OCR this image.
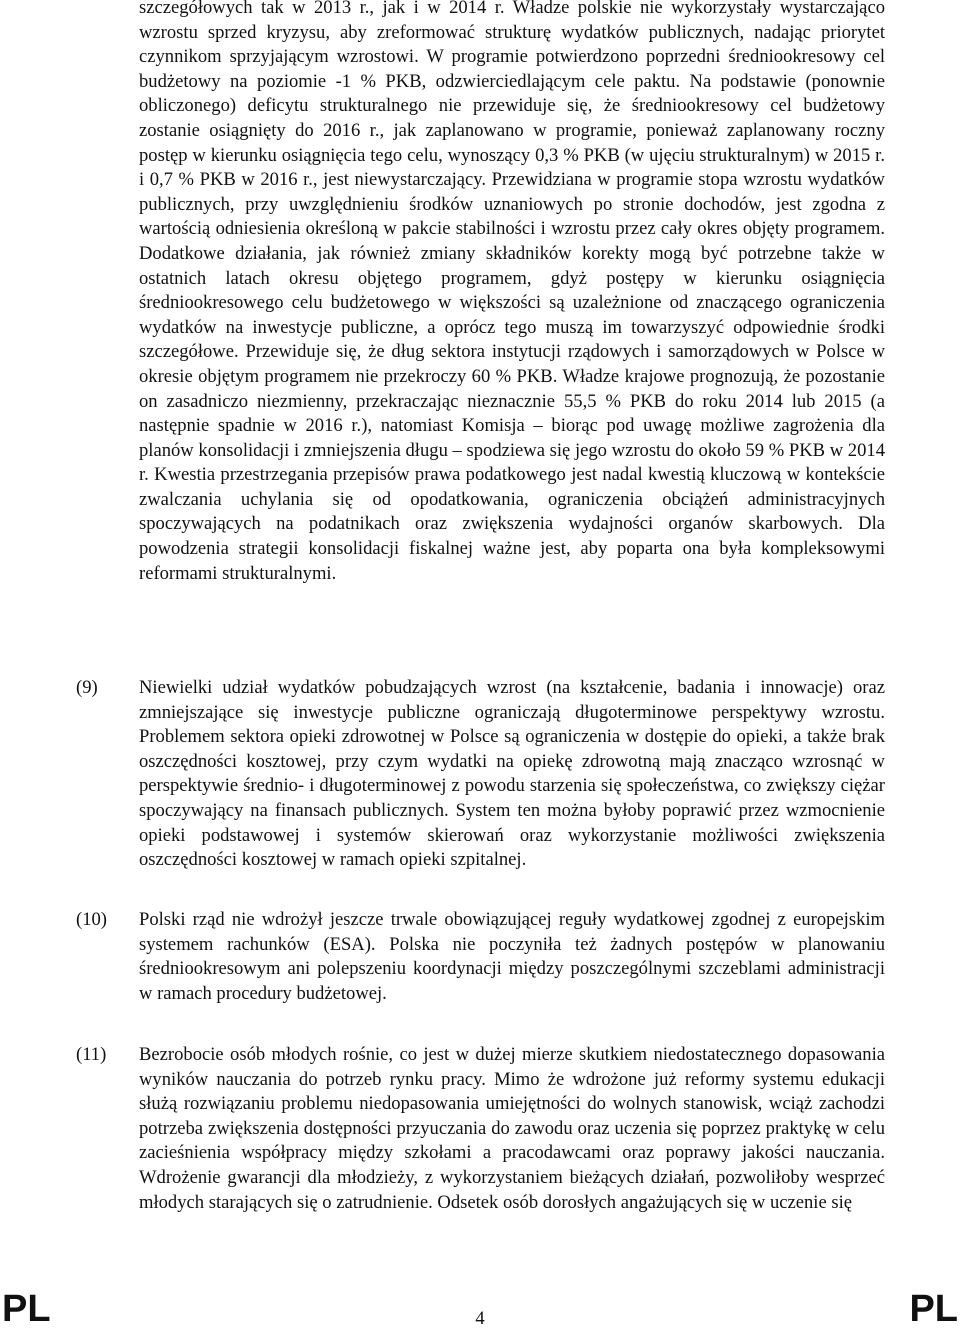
szczegółowych tak w 2013 r., jak i w 2014 r. Władze polskie nie wykorzystały wystarczająco wzrostu sprzed kryzysu, aby zreformować strukturę wydatków publicznych, nadając priorytet czynnikom sprzyjającym wzrostowi. W programie potwierdzono poprzedni średniookresowy cel budżetowy na poziomie -1 % PKB, odzwierciedlającym cele paktu. Na podstawie (ponownie obliczonego) deficytu strukturalnego nie przewiduje się, że średniookresowy cel budżetowy zostanie osiągnięty do 2016 r., jak zaplanowano w programie, ponieważ zaplanowany roczny postęp w kierunku osiągnięcia tego celu, wynoszący 0,3 % PKB (w ujęciu strukturalnym) w 2015 r. i 0,7 % PKB w 2016 r., jest niewystarczający. Przewidziana w programie stopa wzrostu wydatków publicznych, przy uwzględnieniu środków uznaniowych po stronie dochodów, jest zgodna z wartością odniesienia określoną w pakcie stabilności i wzrostu przez cały okres objęty programem. Dodatkowe działania, jak również zmiany składników korekty mogą być potrzebne także w ostatnich latach okresu objętego programem, gdyż postępy w kierunku osiągnięcia średniookresowego celu budżetowego w większości są uzależnione od znaczącego ograniczenia wydatków na inwestycje publiczne, a oprócz tego muszą im towarzyszyć odpowiednie środki szczegółowe. Przewiduje się, że dług sektora instytucji rządowych i samorządowych w Polsce w okresie objętym programem nie przekroczy 60 % PKB. Władze krajowe prognozują, że pozostanie on zasadniczo niezmienny, przekraczając nieznacznie 55,5 % PKB do roku 2014 lub 2015 (a następnie spadnie w 2016 r.), natomiast Komisja – biorąc pod uwagę możliwe zagrożenia dla planów konsolidacji i zmniejszenia długu – spodziewa się jego wzrostu do około 59 % PKB w 2014 r. Kwestia przestrzegania przepisów prawa podatkowego jest nadal kwestią kluczową w kontekście zwalczania uchylania się od opodatkowania, ograniczenia obciążeń administracyjnych spoczywających na podatnikach oraz zwiększenia wydajności organów skarbowych. Dla powodzenia strategii konsolidacji fiskalnej ważne jest, aby poparta ona była kompleksowymi reformami strukturalnymi.

(9) Niewielki udział wydatków pobudzających wzrost (na kształcenie, badania i innowacje) oraz zmniejszające się inwestycje publiczne ograniczają długoterminowe perspektywy wzrostu. Problemem sektora opieki zdrowotnej w Polsce są ograniczenia w dostępie do opieki, a także brak oszczędności kosztowej, przy czym wydatki na opiekę zdrowotną mają znacząco wzrosnąć w perspektywie średnio- i długoterminowej z powodu starzenia się społeczeństwa, co zwiększy ciężar spoczywający na finansach publicznych. System ten można byłoby poprawić przez wzmocnienie opieki podstawowej i systemów skierowań oraz wykorzystanie możliwości zwiększenia oszczędności kosztowej w ramach opieki szpitalnej.

(10) Polski rząd nie wdrożył jeszcze trwale obowiązującej reguły wydatkowej zgodnej z europejskim systemem rachunków (ESA). Polska nie poczyniła też żadnych postępów w planowaniu średniookresowym ani polepszeniu koordynacji między poszczególnymi szczeblami administracji w ramach procedury budżetowej.

(11) Bezrobocie osób młodych rośnie, co jest w dużej mierze skutkiem niedostatecznego dopasowania wyników nauczania do potrzeb rynku pracy. Mimo że wdrożone już reformy systemu edukacji służą rozwiązaniu problemu niedopasowania umiejętności do wolnych stanowisk, wciąż zachodzi potrzeba zwiększenia dostępności przyuczania do zawodu oraz uczenia się poprzez praktykę w celu zacieśnienia współpracy między szkołami a pracodawcami oraz poprawy jakości nauczania. Wdrożenie gwarancji dla młodzieży, z wykorzystaniem bieżących działań, pozwoliłoby wesprzeć młodych starających się o zatrudnienie. Odsetek osób dorosłych angażujących się w uczenie się

PL	4	PL
